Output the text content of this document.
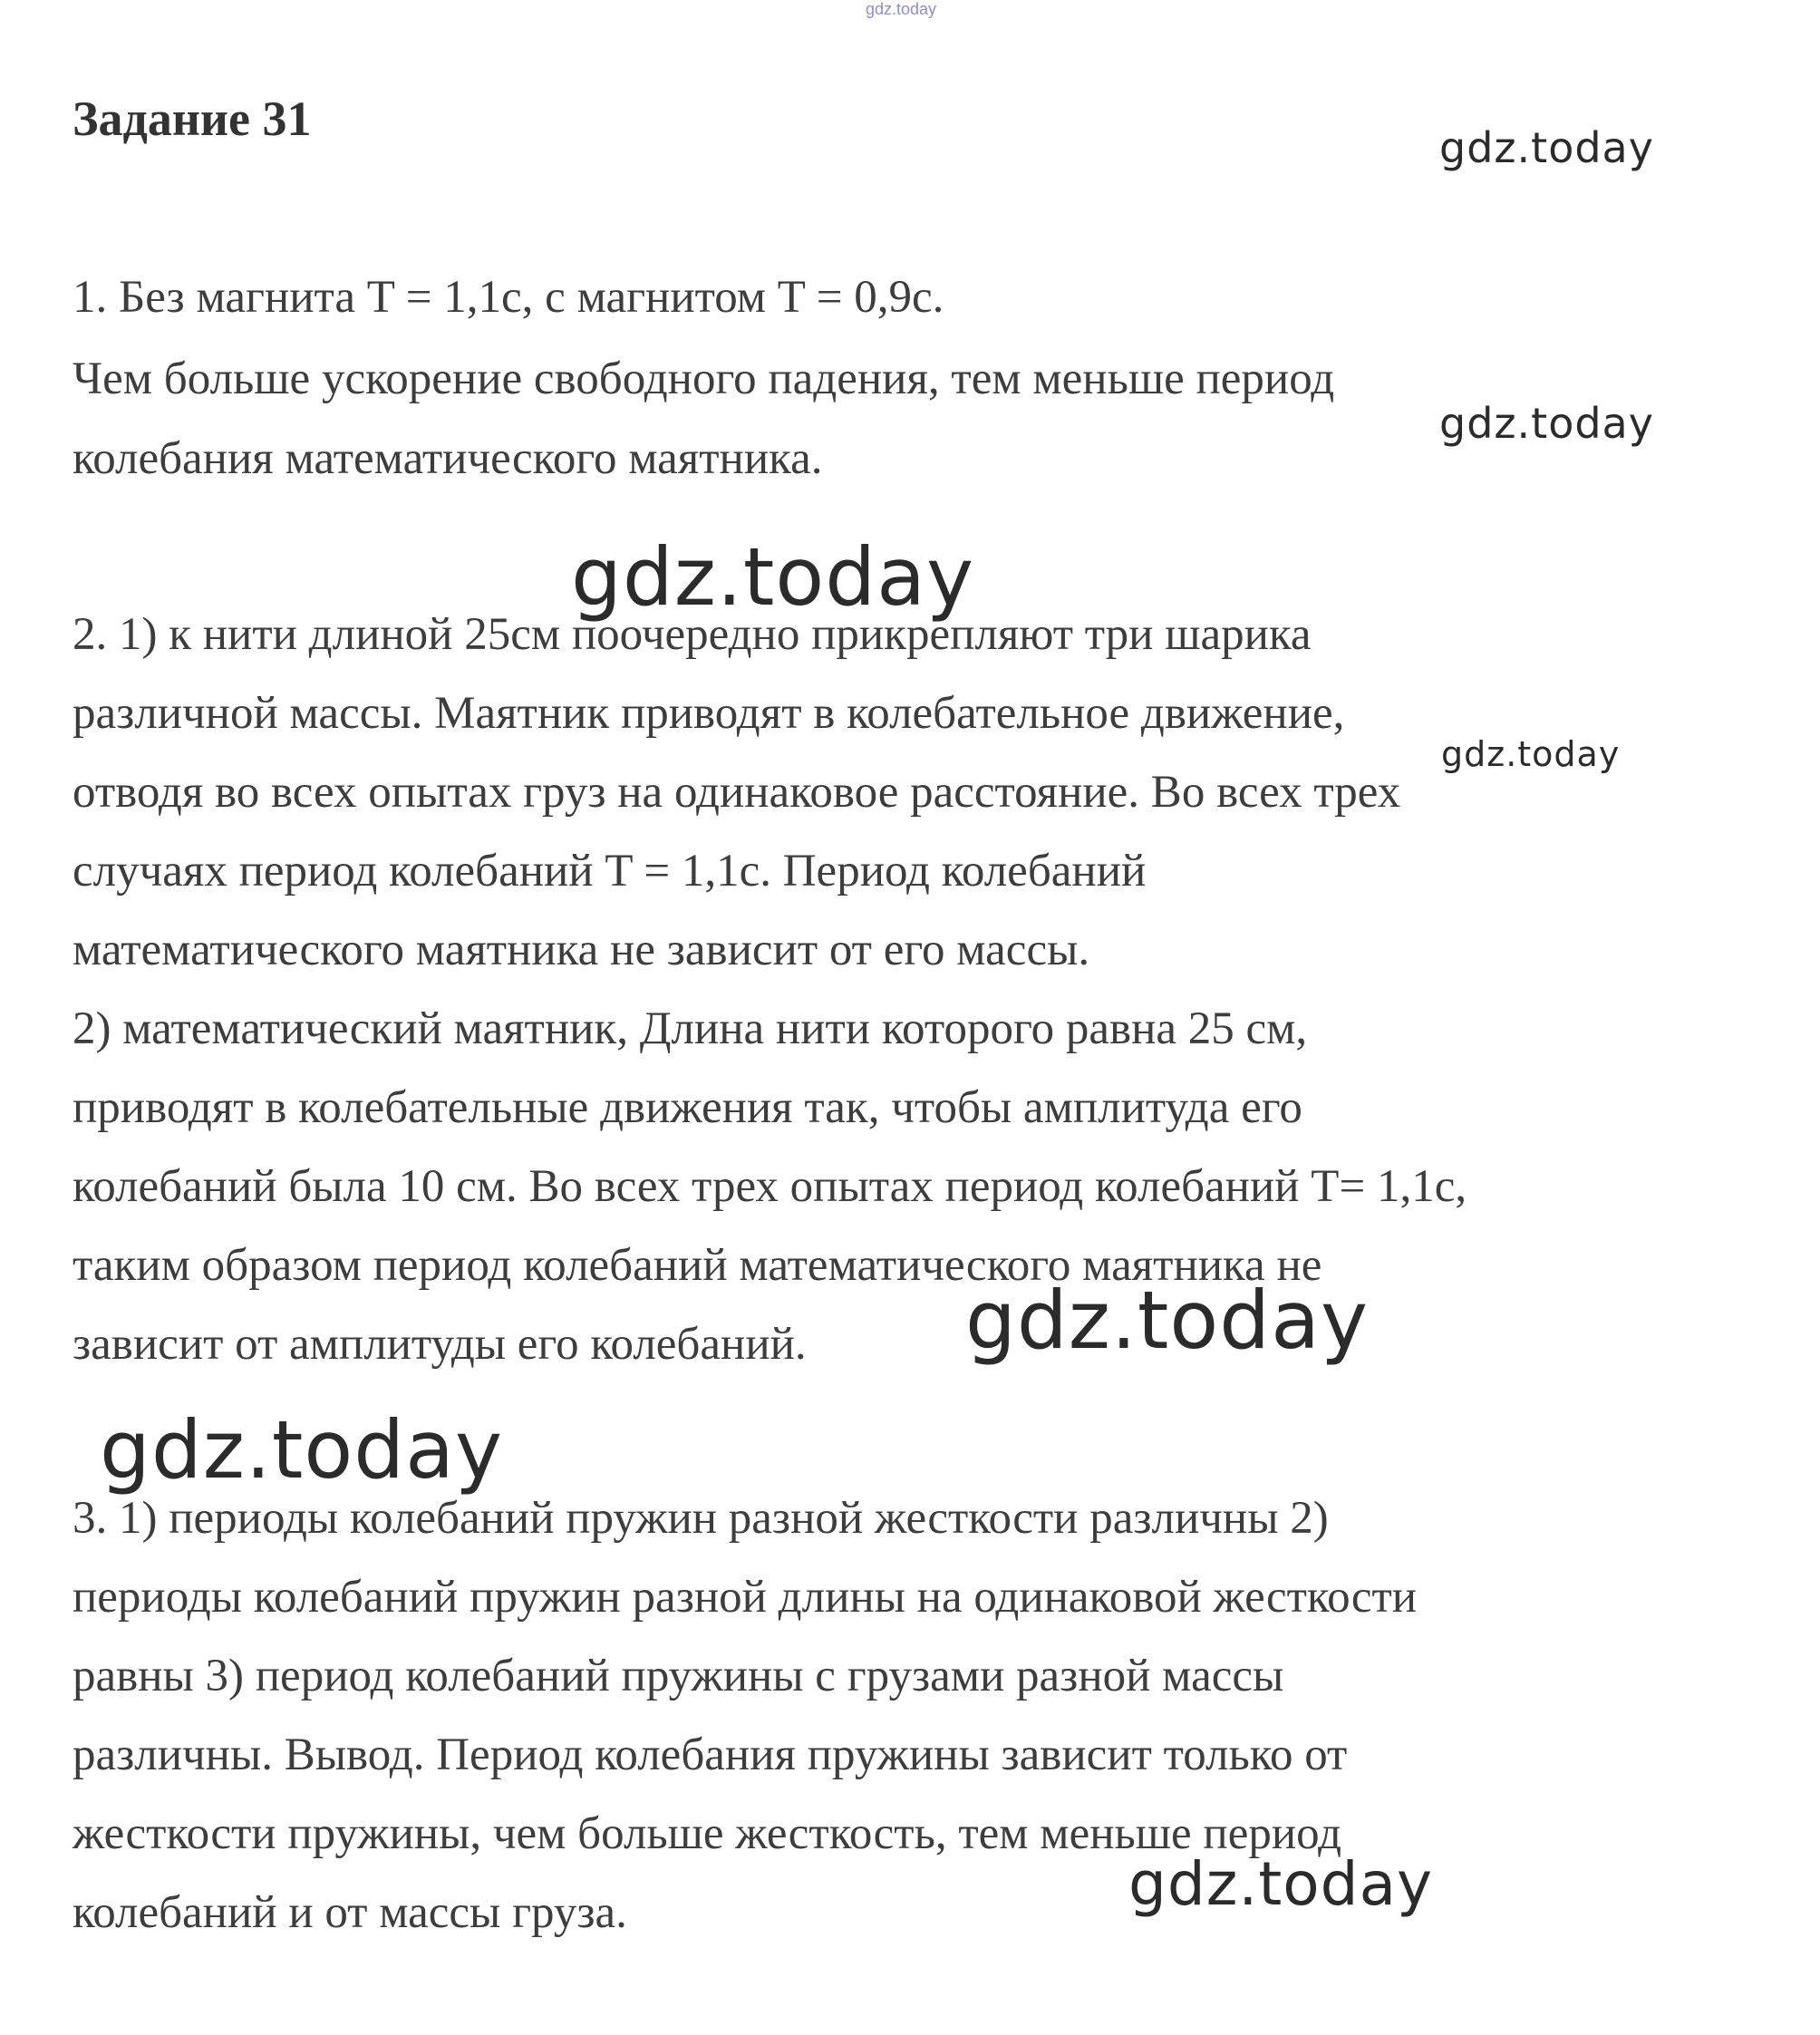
gdz.today
Задание 31

1. Без магнита T = 1,1с, с магнитом T = 0,9с.

Чем больше ускорение свободного падения, тем меньше период

колебания математического маятника.

2. 1) к нити длиной 25см поочередно прикрепляют три шарика

различной массы. Маятник приводят в колебательное движение,

отводя во всех опытах груз на одинаковое расстояние. Во всех трех

случаях период колебаний T = 1,1с. Период колебаний

математического маятника не зависит от его массы.

2) математический маятник, Длина нити которого равна 25 см,

приводят в колебательные движения так, чтобы амплитуда его

колебаний была 10 см. Во всех трех опытах период колебаний T= 1,1с,

таким образом период колебаний математического маятника не

зависит от амплитуды его колебаний.

3. 1) периоды колебаний пружин разной жесткости различны 2)

периоды колебаний пружин разной длины на одинаковой жесткости

равны 3) период колебаний пружины с грузами разной массы

различны. Вывод. Период колебания пружины зависит только от

жесткости пружины, чем больше жесткость, тем меньше период

колебаний и от массы груза.

gdz.today
gdz.today
gdz.today
gdz.today
gdz.today
gdz.today
gdz.today
